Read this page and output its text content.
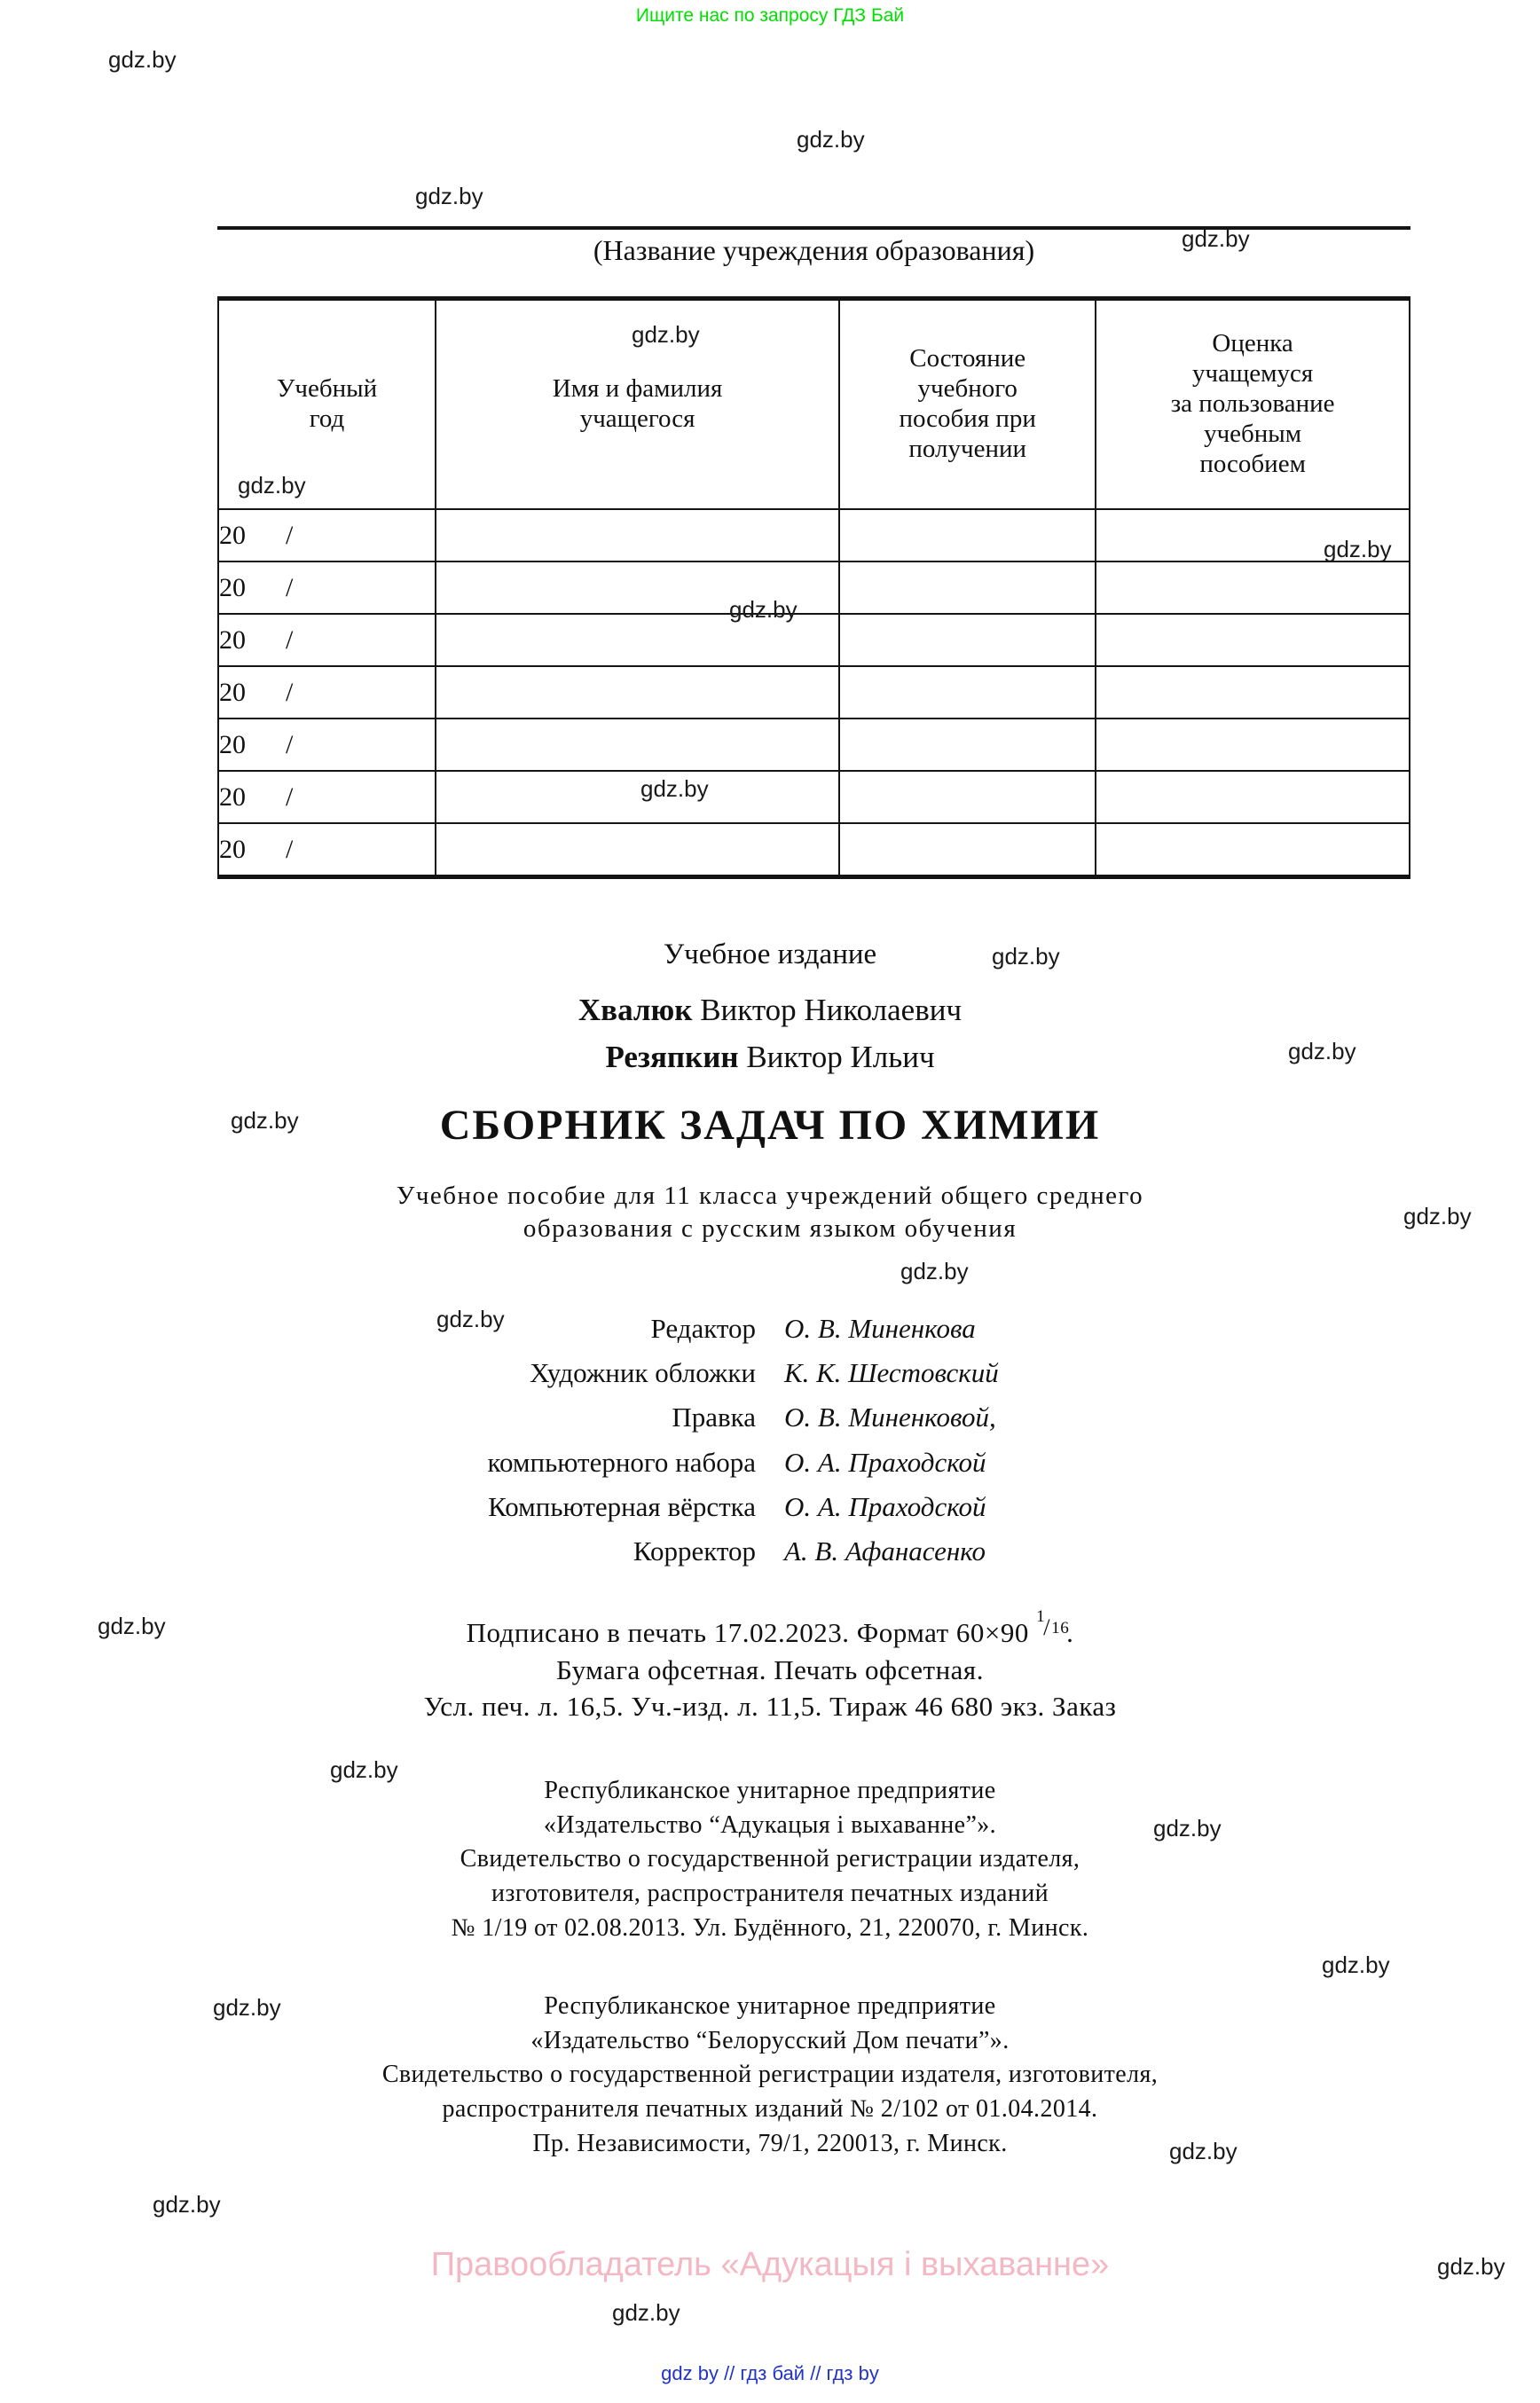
Ищите нас по запросу ГДЗ Бай
gdz.by
gdz.by
gdz.by
gdz.by
gdz.by
gdz.by
gdz.by
gdz.by
gdz.by
gdz.by
gdz.by
gdz.by
gdz.by
gdz.by
gdz.by
gdz.by
gdz.by
gdz.by
gdz.by
gdz.by
gdz.by
gdz.by
gdz.by
gdz.by
(Название учреждения образования)
Учебный
год	Имя и фамилия
учащегося	Состояние
учебного
пособия при
получении	Оценка
учащемуся
за пользование
учебным
пособием
20      /			
20      /			
20      /			
20      /			
20      /			
20      /			
20      /			
Учебное издание
Хвалюк Виктор Николаевич
Резяпкин Виктор Ильич
СБОРНИК ЗАДАЧ ПО ХИМИИ
Учебное пособие для 11 класса учреждений общего среднего
образования с русским языком обучения
Редактор	О. В. Миненкова
Художник обложки	К. К. Шестовский
Правка	О. В. Миненковой,
компьютерного набора	О. А. Праходской
Компьютерная вёрстка	О. А. Праходской
Корректор	А. В. Афанасенко
Подписано в печать 17.02.2023. Формат 60×90
1
/ 16
.
Бумага офсетная. Печать офсетная.
Усл. печ. л. 16,5. Уч.-изд. л. 11,5. Тираж 46 680 экз. Заказ
Республиканское унитарное предприятие
«Издательство “Адукацыя і выхаванне”».
Свидетельство о государственной регистрации издателя,
изготовителя, распространителя печатных изданий
№ 1/19 от 02.08.2013. Ул. Будённого, 21, 220070, г. Минск.
Республиканское унитарное предприятие
«Издательство “Белорусский Дом печати”».
Свидетельство о государственной регистрации издателя, изготовителя,
распространителя печатных изданий № 2/102 от 01.04.2014.
Пр. Независимости, 79/1, 220013, г. Минск.
Правообладатель «Адукацыя і выхаванне»
gdz by // гдз бай // гдз by
